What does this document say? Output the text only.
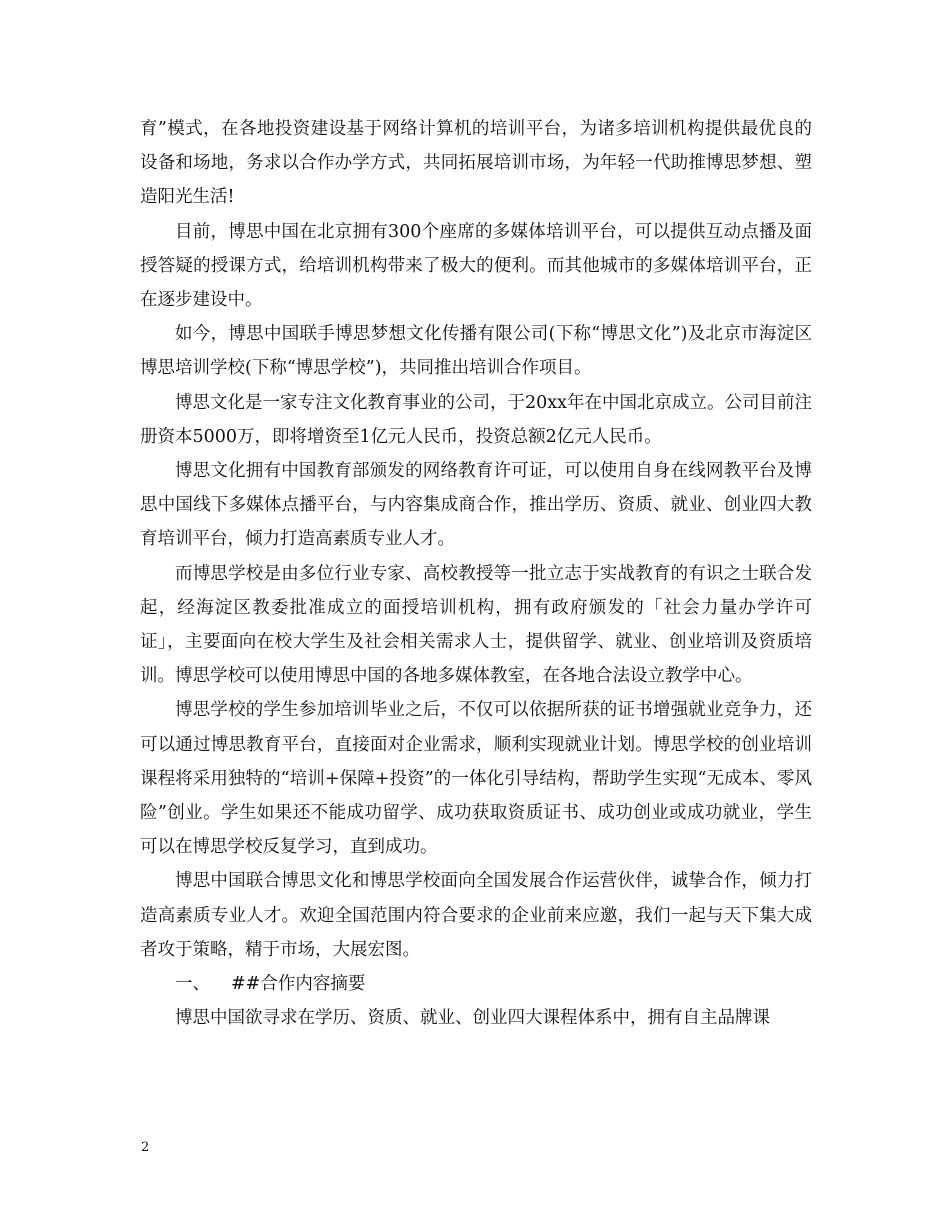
育”模式，在各地投资建设基于网络计算机的培训平台，为诸多培训机构提供最优良的设备和场地，务求以合作办学方式，共同拓展培训市场，为年轻一代助推博思梦想、塑造阳光生活!

目前，博思中国在北京拥有300个座席的多媒体培训平台，可以提供互动点播及面授答疑的授课方式，给培训机构带来了极大的便利。而其他城市的多媒体培训平台，正在逐步建设中。

如今，博思中国联手博思梦想文化传播有限公司(下称“博思文化”)及北京市海淀区博思培训学校(下称“博思学校”)，共同推出培训合作项目。

博思文化是一家专注文化教育事业的公司，于20xx年在中国北京成立。公司目前注册资本5000万，即将增资至1亿元人民币，投资总额2亿元人民币。

博思文化拥有中国教育部颁发的网络教育许可证，可以使用自身在线网教平台及博思中国线下多媒体点播平台，与内容集成商合作，推出学历、资质、就业、创业四大教育培训平台，倾力打造高素质专业人才。

而博思学校是由多位行业专家、高校教授等一批立志于实战教育的有识之士联合发起，经海淀区教委批准成立的面授培训机构，拥有政府颁发的「社会力量办学许可证」，主要面向在校大学生及社会相关需求人士，提供留学、就业、创业培训及资质培训。博思学校可以使用博思中国的各地多媒体教室，在各地合法设立教学中心。

博思学校的学生参加培训毕业之后，不仅可以依据所获的证书增强就业竞争力，还可以通过博思教育平台，直接面对企业需求，顺利实现就业计划。博思学校的创业培训课程将采用独特的“培训+保障+投资”的一体化引导结构，帮助学生实现“无成本、零风险”创业。学生如果还不能成功留学、成功获取资质证书、成功创业或成功就业，学生可以在博思学校反复学习，直到成功。

博思中国联合博思文化和博思学校面向全国发展合作运营伙伴，诚挚合作，倾力打造高素质专业人才。欢迎全国范围内符合要求的企业前来应邀，我们一起与天下集大成者攻于策略，精于市场，大展宏图。

一、 ##合作内容摘要

博思中国欲寻求在学历、资质、就业、创业四大课程体系中，拥有自主品牌课

2
